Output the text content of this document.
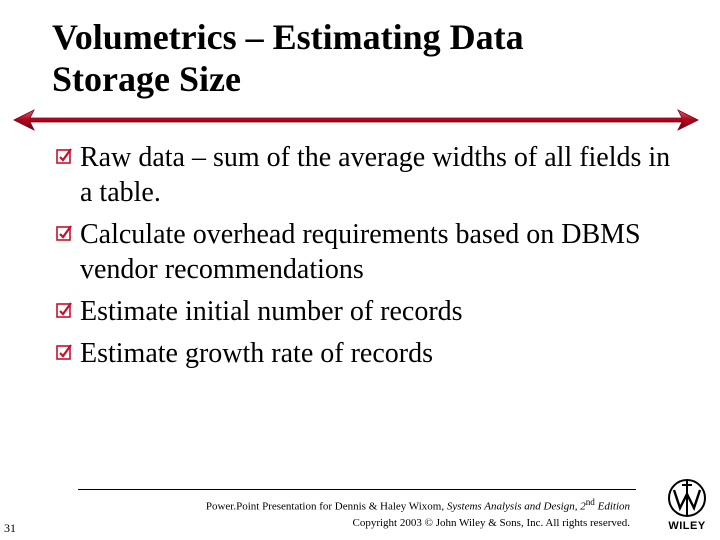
Volumetrics – Estimating Data
Storage Size
Raw data – sum of the average widths of all fields in a table.
Calculate overhead requirements based on DBMS vendor recommendations
Estimate initial number of records
Estimate growth rate of records
31
Power.Point Presentation for Dennis & Haley Wixom, Systems Analysis and Design, 2nd Edition
Copyright 2003 © John Wiley & Sons, Inc. All rights reserved.	WILEY
